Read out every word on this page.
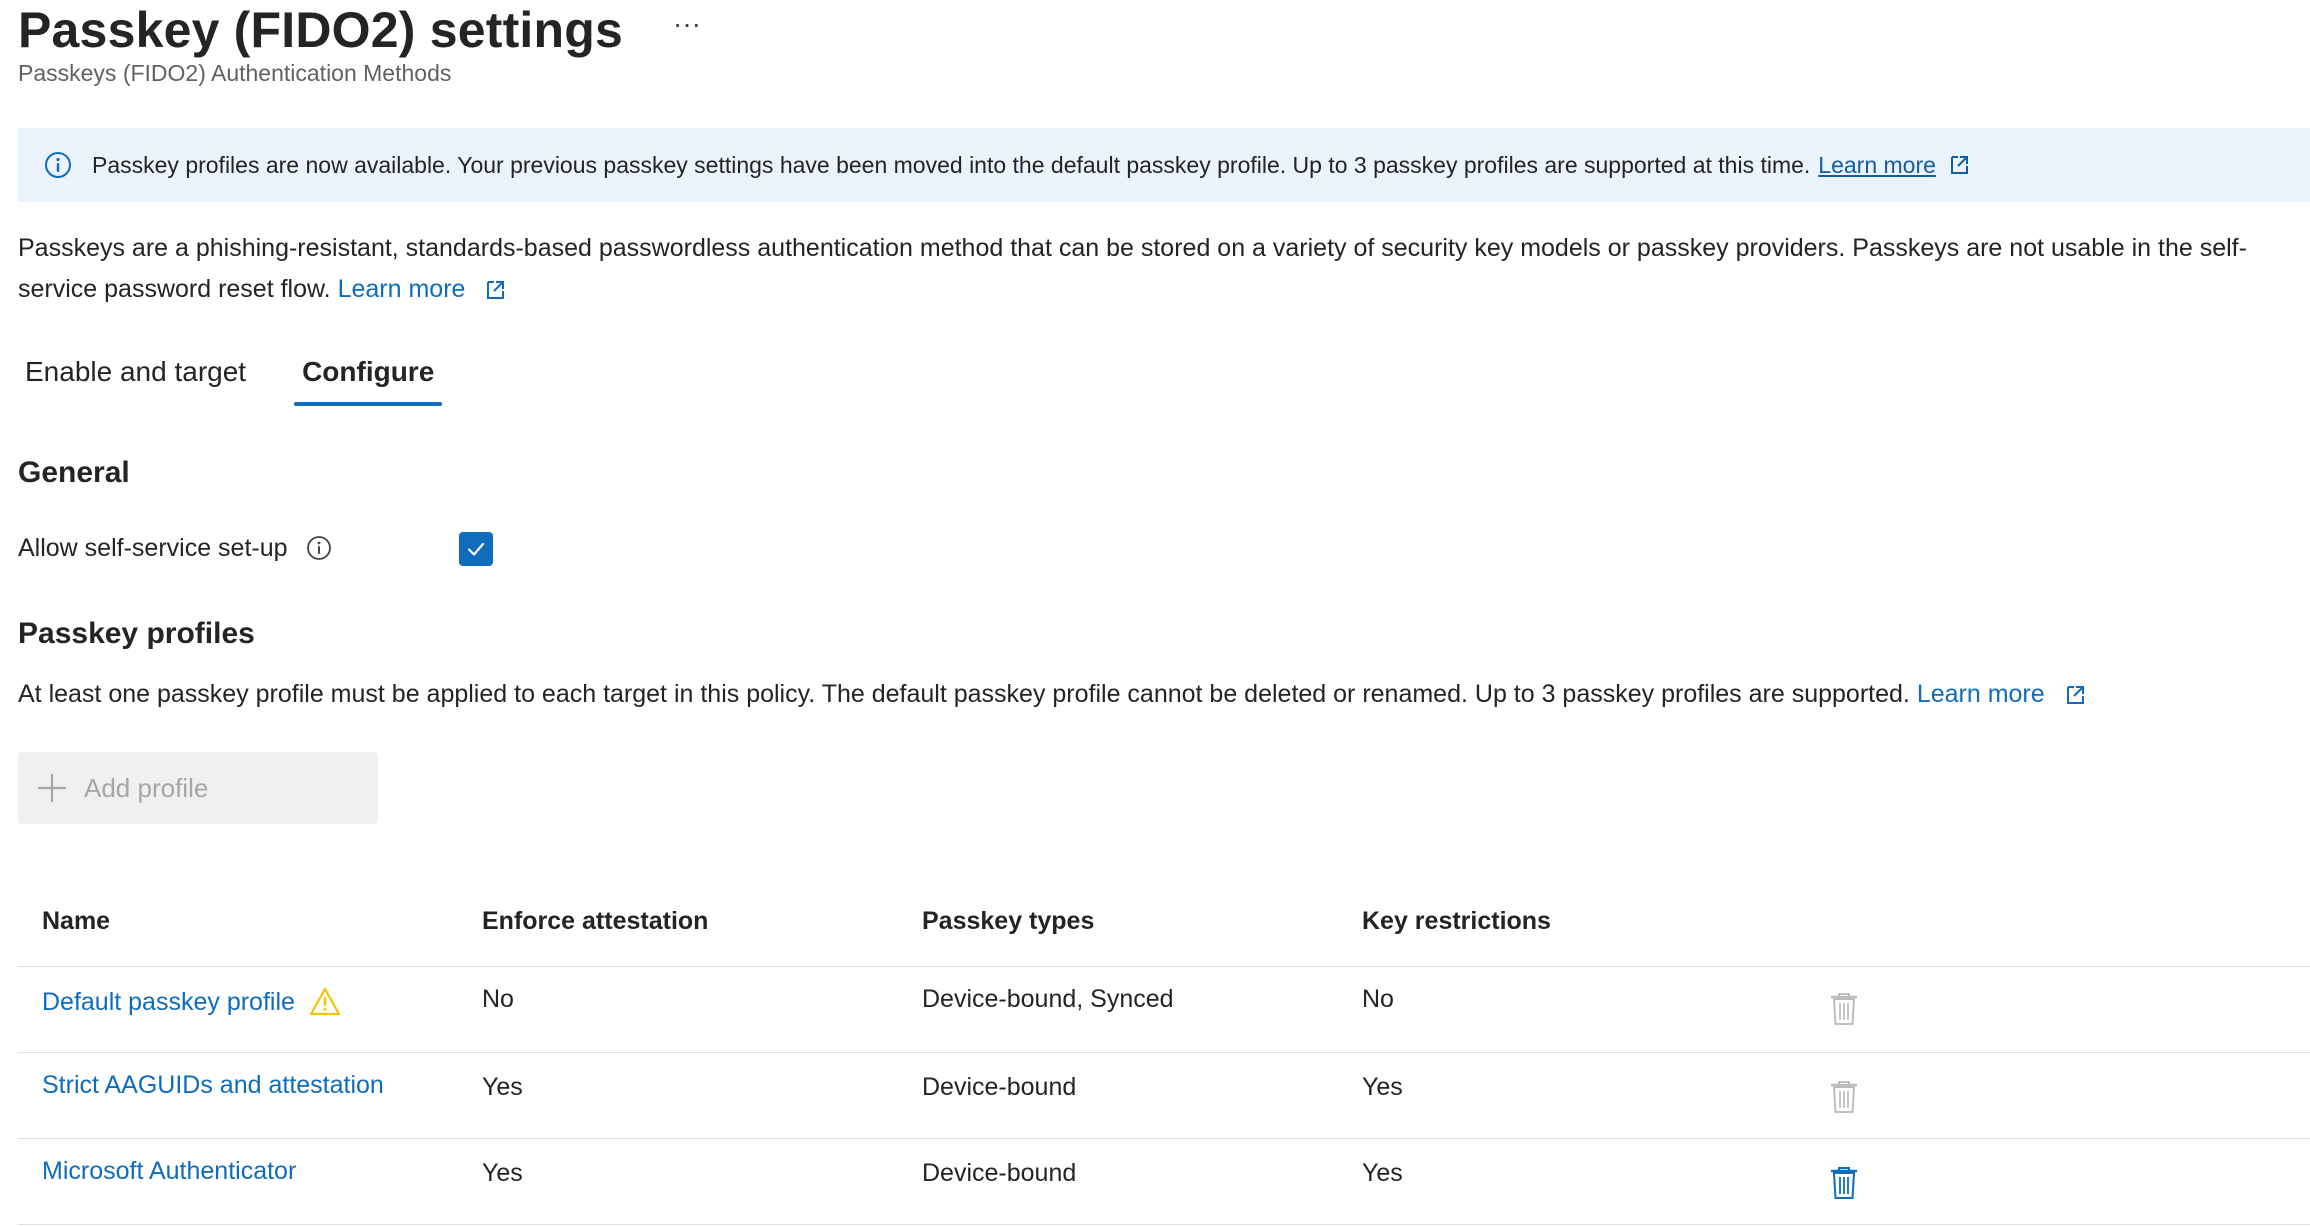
Passkey (FIDO2) settings ···
Passkeys (FIDO2) Authentication Methods
Passkey profiles are now available. Your previous passkey settings have been moved into the default passkey profile. Up to 3 passkey profiles are supported at this time. Learn more
Passkeys are a phishing-resistant, standards-based passwordless authentication method that can be stored on a variety of security key models or passkey providers. Passkeys are not usable in the self-service password reset flow. Learn more
Enable and target Configure
General
Allow self-service set-up
Passkey profiles
At least one passkey profile must be applied to each target in this policy. The default passkey profile cannot be deleted or renamed. Up to 3 passkey profiles are supported. Learn more
Add profile
Name	Enforce attestation	Passkey types	Key restrictions
Default passkey profile	No	Device-bound, Synced	No
Strict AAGUIDs and attestation	Yes	Device-bound	Yes
Microsoft Authenticator	Yes	Device-bound	Yes
